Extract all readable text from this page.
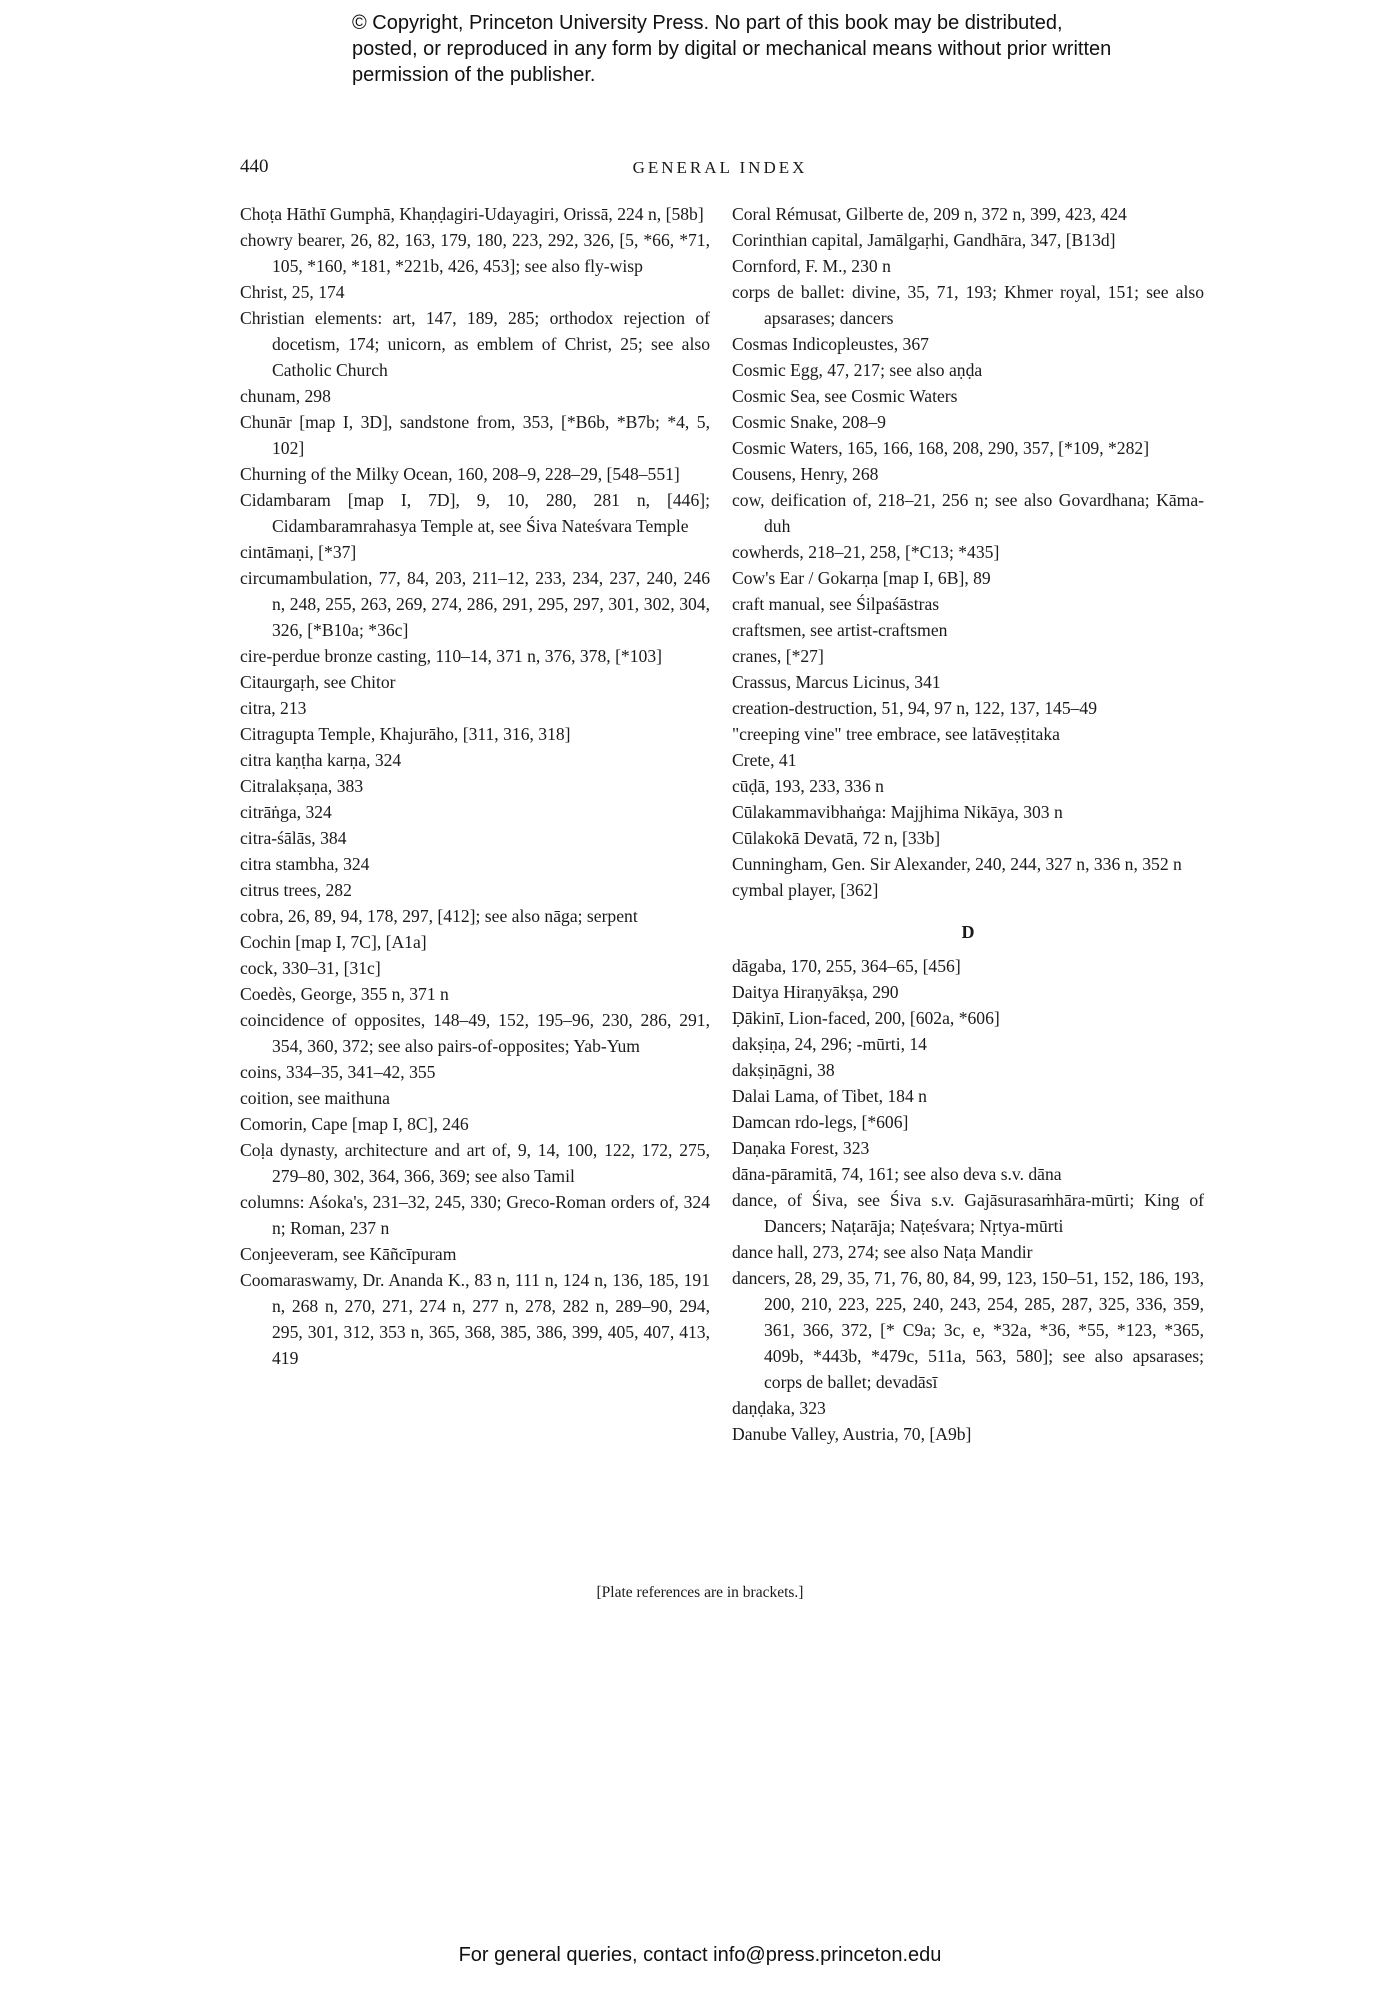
© Copyright, Princeton University Press. No part of this book may be distributed, posted, or reproduced in any form by digital or mechanical means without prior written permission of the publisher.
440	GENERAL INDEX

Choṭa Hāthī Gumphā, Khaṇḍagiri-Udayagiri, Orissā, 224 n, [58b]

chowry bearer, 26, 82, 163, 179, 180, 223, 292, 326, [5, *66, *71, 105, *160, *181, *221b, 426, 453]; see also fly-wisp

Christ, 25, 174

Christian elements: art, 147, 189, 285; orthodox rejection of docetism, 174; unicorn, as emblem of Christ, 25; see also Catholic Church

chunam, 298

Chunār [map I, 3D], sandstone from, 353, [*B6b, *B7b; *4, 5, 102]

Churning of the Milky Ocean, 160, 208–9, 228–29, [548–551]

Cidambaram [map I, 7D], 9, 10, 280, 281 n, [446]; Cidambaramrahasya Temple at, see Śiva Nateśvara Temple

cintāmaṇi, [*37]

circumambulation, 77, 84, 203, 211–12, 233, 234, 237, 240, 246 n, 248, 255, 263, 269, 274, 286, 291, 295, 297, 301, 302, 304, 326, [*B10a; *36c]

cire-perdue bronze casting, 110–14, 371 n, 376, 378, [*103]

Citaurgaṛh, see Chitor

citra, 213

Citragupta Temple, Khajurāho, [311, 316, 318]

citra kaṇṭha karṇa, 324

Citralakṣaṇa, 383

citrāṅga, 324

citra-śālās, 384

citra stambha, 324

citrus trees, 282

cobra, 26, 89, 94, 178, 297, [412]; see also nāga; serpent

Cochin [map I, 7C], [A1a]

cock, 330–31, [31c]

Coedès, George, 355 n, 371 n

coincidence of opposites, 148–49, 152, 195–96, 230, 286, 291, 354, 360, 372; see also pairs-of-opposites; Yab-Yum

coins, 334–35, 341–42, 355

coition, see maithuna

Comorin, Cape [map I, 8C], 246

Coḷa dynasty, architecture and art of, 9, 14, 100, 122, 172, 275, 279–80, 302, 364, 366, 369; see also Tamil

columns: Aśoka's, 231–32, 245, 330; Greco-Roman orders of, 324 n; Roman, 237 n

Conjeeveram, see Kāñcīpuram

Coomaraswamy, Dr. Ananda K., 83 n, 111 n, 124 n, 136, 185, 191 n, 268 n, 270, 271, 274 n, 277 n, 278, 282 n, 289–90, 294, 295, 301, 312, 353 n, 365, 368, 385, 386, 399, 405, 407, 413, 419

Coral Rémusat, Gilberte de, 209 n, 372 n, 399, 423, 424

Corinthian capital, Jamālgaṛhi, Gandhāra, 347, [B13d]

Cornford, F. M., 230 n

corps de ballet: divine, 35, 71, 193; Khmer royal, 151; see also apsarases; dancers

Cosmas Indicopleustes, 367

Cosmic Egg, 47, 217; see also aṇḍa

Cosmic Sea, see Cosmic Waters

Cosmic Snake, 208–9

Cosmic Waters, 165, 166, 168, 208, 290, 357, [*109, *282]

Cousens, Henry, 268

cow, deification of, 218–21, 256 n; see also Govardhana; Kāma-duh

cowherds, 218–21, 258, [*C13; *435]

Cow's Ear / Gokarṇa [map I, 6B], 89

craft manual, see Śilpaśāstras

craftsmen, see artist-craftsmen

cranes, [*27]

Crassus, Marcus Licinus, 341

creation-destruction, 51, 94, 97 n, 122, 137, 145–49

"creeping vine" tree embrace, see latāveṣṭitaka

Crete, 41

cūḍā, 193, 233, 336 n

Cūlakammavibhaṅga: Majjhima Nikāya, 303 n

Cūlakokā Devatā, 72 n, [33b]

Cunningham, Gen. Sir Alexander, 240, 244, 327 n, 336 n, 352 n

cymbal player, [362]

D

dāgaba, 170, 255, 364–65, [456]

Daitya Hiraṇyākṣa, 290

Ḍākinī, Lion-faced, 200, [602a, *606]

dakṣiṇa, 24, 296; -mūrti, 14

dakṣiṇāgni, 38

Dalai Lama, of Tibet, 184 n

Damcan rdo-legs, [*606]

Daṇaka Forest, 323

dāna-pāramitā, 74, 161; see also deva s.v. dāna

dance, of Śiva, see Śiva s.v. Gajāsurasaṁhāra-mūrti; King of Dancers; Naṭarāja; Naṭeśvara; Nṛtya-mūrti

dance hall, 273, 274; see also Naṭa Mandir

dancers, 28, 29, 35, 71, 76, 80, 84, 99, 123, 150–51, 152, 186, 193, 200, 210, 223, 225, 240, 243, 254, 285, 287, 325, 336, 359, 361, 366, 372, [* C9a; 3c, e, *32a, *36, *55, *123, *365, 409b, *443b, *479c, 511a, 563, 580]; see also apsarases; corps de ballet; devadāsī

daṇḍaka, 323

Danube Valley, Austria, 70, [A9b]

[Plate references are in brackets.]
For general queries, contact info@press.princeton.edu
